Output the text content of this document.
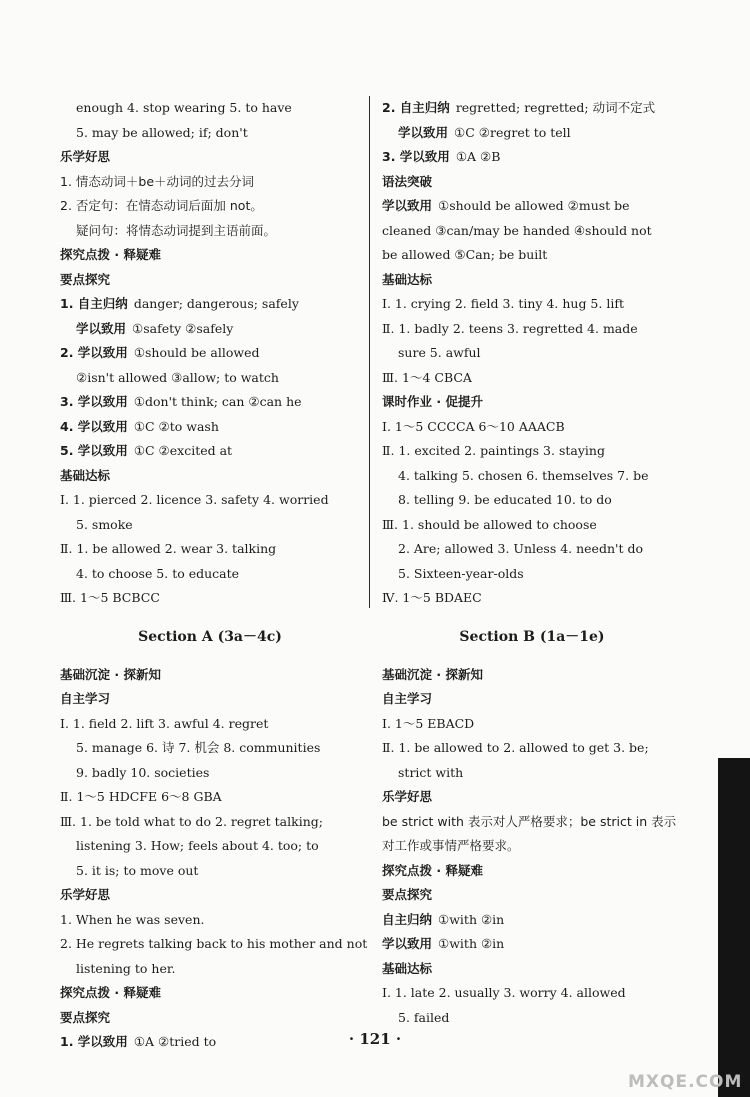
enough 4. stop wearing 5. to have
5. may be allowed; if; don't
乐学好思
1. 情态动词＋be＋动词的过去分词
2. 否定句：在情态动词后面加 not。
疑问句：将情态动词提到主语前面。
探究点拨 · 释疑难
要点探究
1. 自主归纳 danger; dangerous; safely
学以致用 ①safety ②safely
2. 学以致用 ①should be allowed
②isn't allowed ③allow; to watch
3. 学以致用 ①don't think; can ②can he
4. 学以致用 ①C ②to wash
5. 学以致用 ①C ②excited at
基础达标
Ⅰ. 1. pierced 2. licence 3. safety 4. worried
5. smoke
Ⅱ. 1. be allowed 2. wear 3. talking
4. to choose 5. to educate
Ⅲ. 1～5 BCBCC
Section A (3a－4c)
基础沉淀 · 探新知
自主学习
Ⅰ. 1. field 2. lift 3. awful 4. regret
5. manage 6. 诗 7. 机会 8. communities
9. badly 10. societies
Ⅱ. 1～5 HDCFE 6～8 GBA
Ⅲ. 1. be told what to do 2. regret talking;
listening 3. How; feels about 4. too; to
5. it is; to move out
乐学好思
1. When he was seven.
2. He regrets talking back to his mother and not
listening to her.
探究点拨 · 释疑难
要点探究
1. 学以致用 ①A ②tried to
2. 自主归纳 regretted; regretted; 动词不定式
学以致用 ①C ②regret to tell
3. 学以致用 ①A ②B
语法突破
学以致用 ①should be allowed ②must be
cleaned ③can/may be handed ④should not
be allowed ⑤Can; be built
基础达标
Ⅰ. 1. crying 2. field 3. tiny 4. hug 5. lift
Ⅱ. 1. badly 2. teens 3. regretted 4. made
sure 5. awful
Ⅲ. 1～4 CBCA
课时作业 · 促提升
Ⅰ. 1～5 CCCCA 6～10 AAACB
Ⅱ. 1. excited 2. paintings 3. staying
4. talking 5. chosen 6. themselves 7. be
8. telling 9. be educated 10. to do
Ⅲ. 1. should be allowed to choose
2. Are; allowed 3. Unless 4. needn't do
5. Sixteen-year-olds
Ⅳ. 1～5 BDAEC
Section B (1a－1e)
基础沉淀 · 探新知
自主学习
Ⅰ. 1～5 EBACD
Ⅱ. 1. be allowed to 2. allowed to get 3. be;
strict with
乐学好思
be strict with 表示对人严格要求；be strict in 表示
对工作或事情严格要求。
探究点拨 · 释疑难
要点探究
自主归纳 ①with ②in
学以致用 ①with ②in
基础达标
Ⅰ. 1. late 2. usually 3. worry 4. allowed
5. failed
· 121 ·
MXQE.COM
